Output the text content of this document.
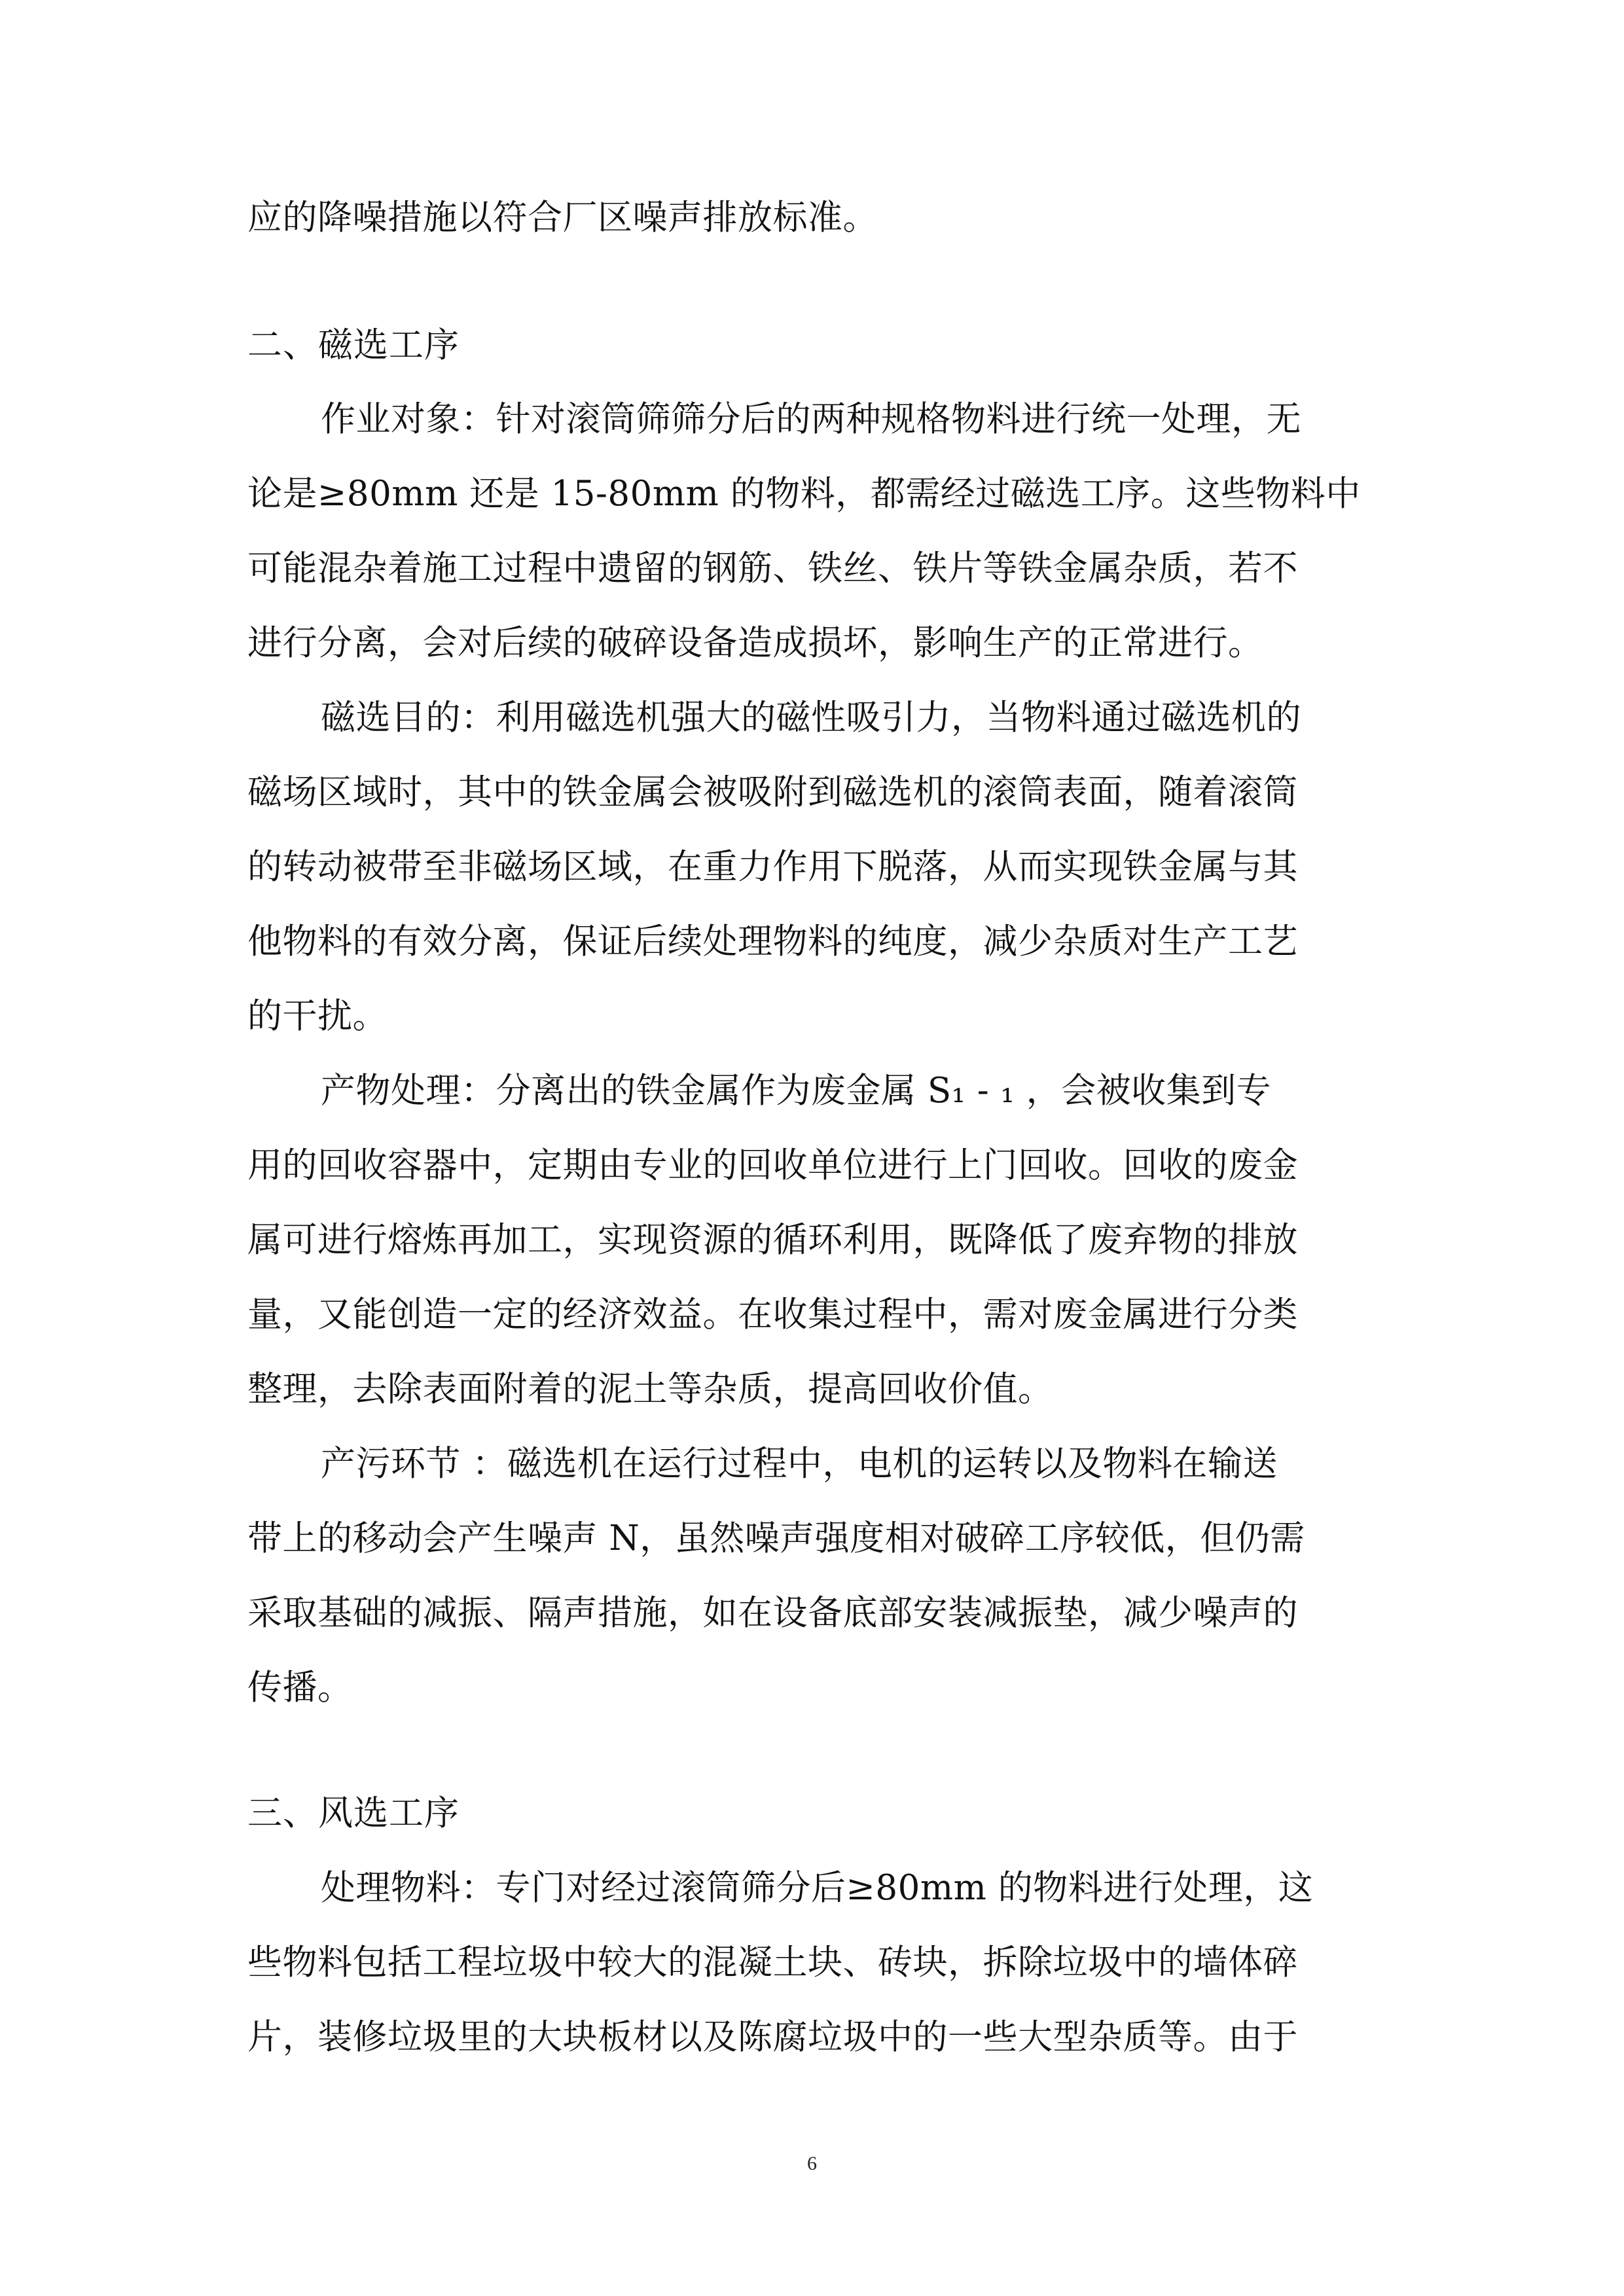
应的降噪措施以符合厂区噪声排放标准。

二、磁选工序

作业对象：针对滚筒筛筛分后的两种规格物料进行统一处理，无

论是≥80mm 还是 15-80mm 的物料，都需经过磁选工序。这些物料中

可能混杂着施工过程中遗留的钢筋、铁丝、铁片等铁金属杂质，若不

进行分离，会对后续的破碎设备造成损坏，影响生产的正常进行。

磁选目的：利用磁选机强大的磁性吸引力，当物料通过磁选机的

磁场区域时，其中的铁金属会被吸附到磁选机的滚筒表面，随着滚筒

的转动被带至非磁场区域，在重力作用下脱落，从而实现铁金属与其

他物料的有效分离，保证后续处理物料的纯度，减少杂质对生产工艺

的干扰。

产物处理：分离出的铁金属作为废金属 S₁ - ₁ ，会被收集到专

用的回收容器中，定期由专业的回收单位进行上门回收。回收的废金

属可进行熔炼再加工，实现资源的循环利用，既降低了废弃物的排放

量，又能创造一定的经济效益。在收集过程中，需对废金属进行分类

整理，去除表面附着的泥土等杂质，提高回收价值。

产污环节 ：磁选机在运行过程中，电机的运转以及物料在输送

带上的移动会产生噪声 N，虽然噪声强度相对破碎工序较低，但仍需

采取基础的减振、隔声措施，如在设备底部安装减振垫，减少噪声的

传播。

三、风选工序

处理物料：专门对经过滚筒筛分后≥80mm 的物料进行处理，这

些物料包括工程垃圾中较大的混凝土块、砖块，拆除垃圾中的墙体碎

片，装修垃圾里的大块板材以及陈腐垃圾中的一些大型杂质等。由于

6
